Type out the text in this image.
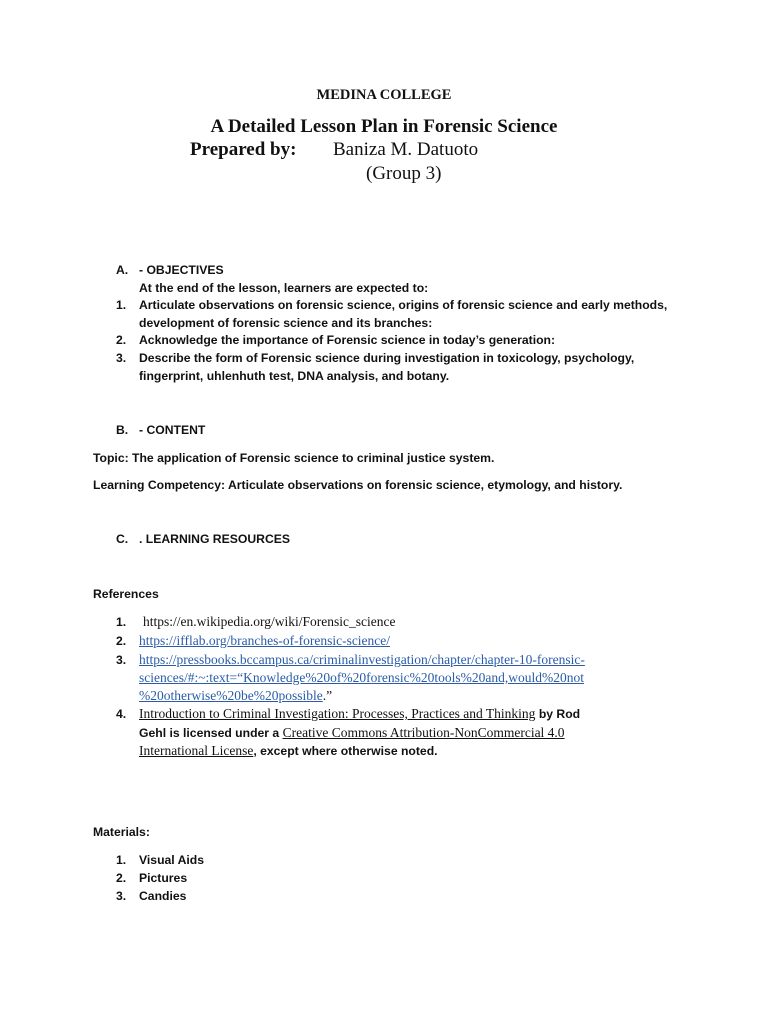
MEDINA COLLEGE
A Detailed Lesson Plan in Forensic Science
Prepared by: Baniza M. Datuoto
(Group 3)
A. - OBJECTIVES
At the end of the lesson, learners are expected to:
1. Articulate observations on forensic science, origins of forensic science and early methods,
development of forensic science and its branches:
2. Acknowledge the importance of Forensic science in today’s generation:
3. Describe the form of Forensic science during investigation in toxicology, psychology,
fingerprint, uhlenhuth test, DNA analysis, and botany.
B. - CONTENT
Topic: The application of Forensic science to criminal justice system.
Learning Competency: Articulate observations on forensic science, etymology, and history.
C. . LEARNING RESOURCES
References
1. https://en.wikipedia.org/wiki/Forensic_science
2. https://ifflab.org/branches-of-forensic-science/
3. https://pressbooks.bccampus.ca/criminalinvestigation/chapter/chapter-10-forensic-
sciences/#:~:text=“Knowledge%20of%20forensic%20tools%20and,would%20not
%20otherwise%20be%20possible.”
4. Introduction to Criminal Investigation: Processes, Practices and Thinking by Rod
Gehl is licensed under a Creative Commons Attribution-NonCommercial 4.0
International License, except where otherwise noted.
Materials:
1. Visual Aids
2. Pictures
3. Candies
